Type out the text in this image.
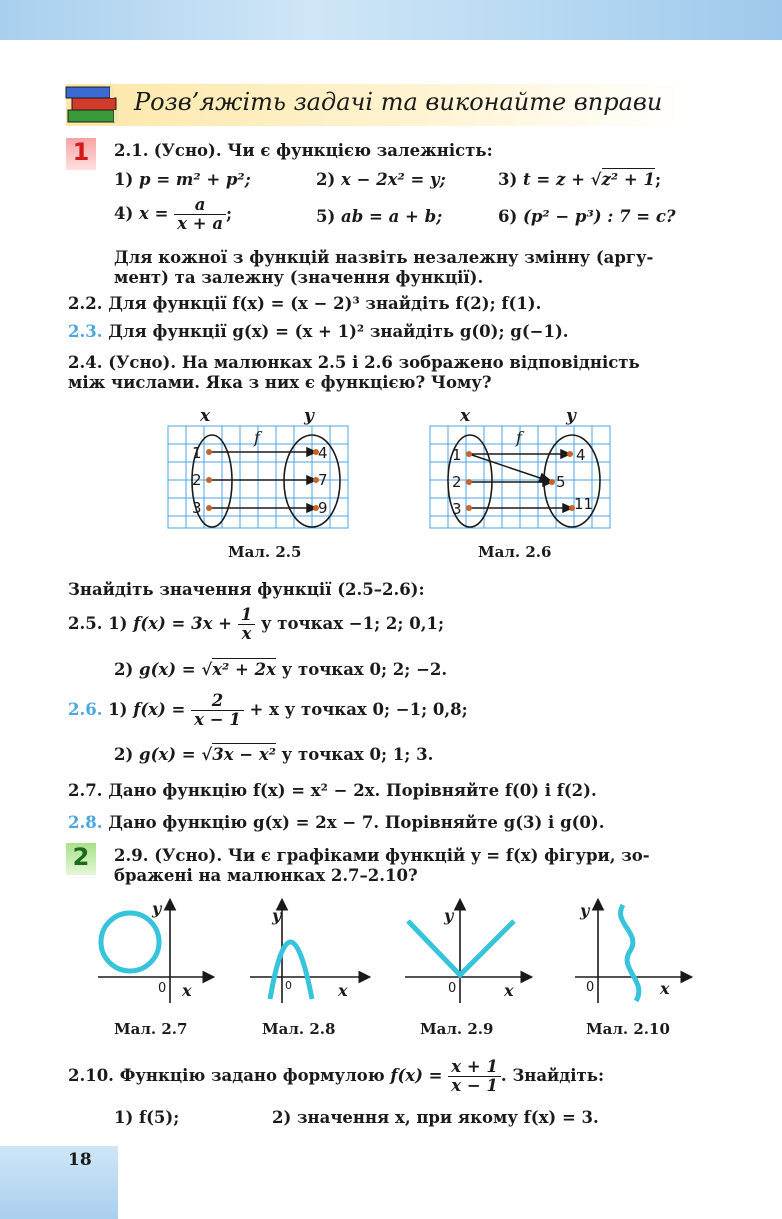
Розв’яжіть задачі та виконайте вправи
1	2.1. (Усно). Чи є функцією залежність:
1) p = m² + p²;	2) x − 2x² = y;	3) t = z + √z² + 1;
4) $x = \frac{a}{x + a}$ ;	5) ab = a + b;	6) (p² − p³) : 7 = c?
Для кожної з функцій назвіть незалежну змінну (аргу-
мент) та залежну (значення функції).
2.2. Для функції f(x) = (x − 2)³ знайдіть f(2); f(1).
2.3. Для функції g(x) = (x + 1)² знайдіть g(0); g(−1).
2.4. (Усно). На малюнках 2.5 і 2.6 зображено відповідність
між числами. Яка з них є функцією? Чому?
x	y
f
1
2
3
4
7
9
Мал. 2.5
x	y
f
1
2
3
4
5
11
Мал. 2.6
Знайдіть значення функції (2.5–2.6):
2.5. 1) $f(x) = 3x + \frac{1}{x}$ у точках −1; 2; 0,1;
2) g(x) = √x² + 2x у точках 0; 2; −2.
2.6. 1) $f(x) = \frac{2}{x - 1} + x$ у точках 0; −1; 0,8;
2) g(x) = √3x − x² у точках 0; 1; 3.
2.7. Дано функцію f(x) = x² − 2x. Порівняйте f(0) і f(2).
2.8. Дано функцію g(x) = 2x − 7. Порівняйте g(3) і g(0).
2	2.9. (Усно). Чи є графіками функцій y = f(x) фігури, зо-
бражені на малюнках 2.7–2.10?
y
x
0
y
x
0
y
x
0
y
x
0
Мал. 2.7	Мал. 2.8	Мал. 2.9	Мал. 2.10
2.10. Функцію задано формулою $f(x) = \frac{x + 1}{x - 1}$ . Знайдіть:
1) f(5);	2) значення x, при якому f(x) = 3.
18
